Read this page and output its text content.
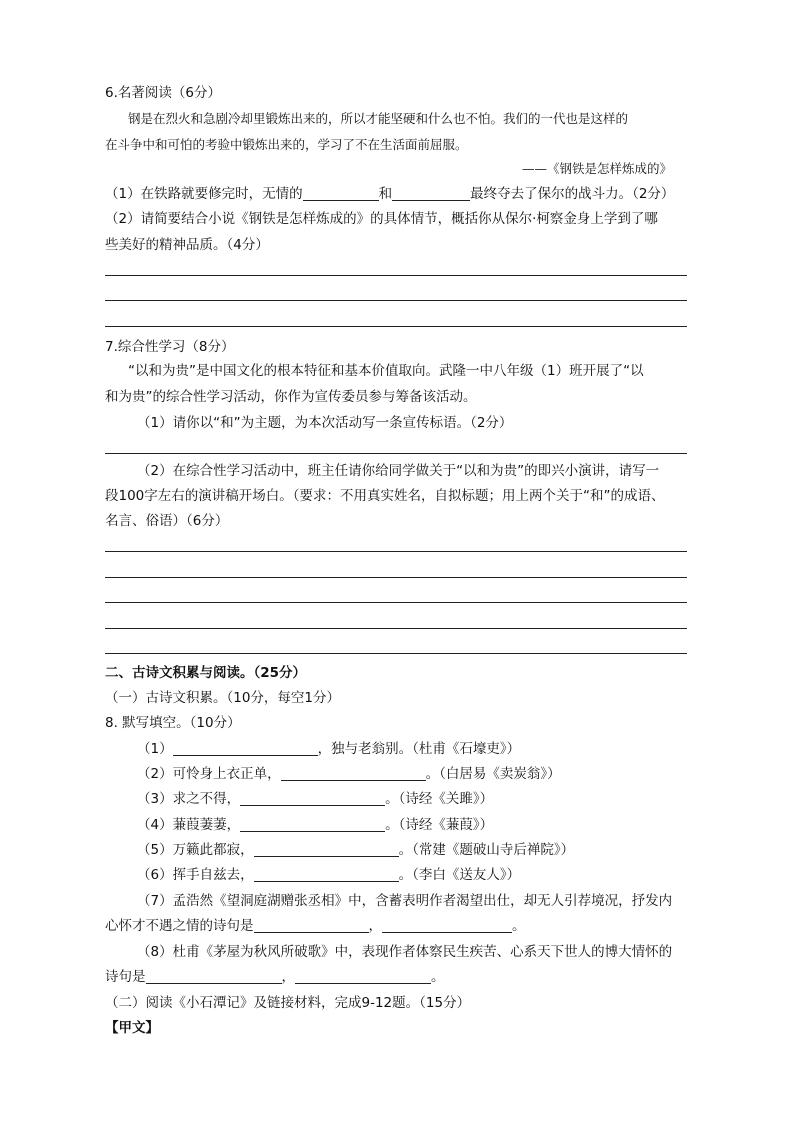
6.名著阅读（6分）
钢是在烈火和急剧冷却里锻炼出来的，所以才能坚硬和什么也不怕。我们的一代也是这样的
在斗争中和可怕的考验中锻炼出来的，学习了不在生活面前屈服。
——《钢铁是怎样炼成的》
（1）在铁路就要修完时，无情的	和	最终夺去了保尔的战斗力。（2分）
（2）请简要结合小说《钢铁是怎样炼成的》的具体情节，概括你从保尔·柯察金身上学到了哪
些美好的精神品质。（4分）
7.综合性学习（8分）
“以和为贵”是中国文化的根本特征和基本价值取向。武隆一中八年级（1）班开展了“以
和为贵”的综合性学习活动，你作为宣传委员参与筹备该活动。
（1）请你以“和”为主题，为本次活动写一条宣传标语。（2分）
（2）在综合性学习活动中，班主任请你给同学做关于“以和为贵”的即兴小演讲，请写一
段100字左右的演讲稿开场白。（要求：不用真实姓名，自拟标题；用上两个关于“和”的成语、
名言、俗语）（6分）
二、古诗文积累与阅读。（25分）
（一）古诗文积累。（10分，每空1分）
8. 默写填空。（10分）
（1）	，独与老翁别。（杜甫《石壕吏》）
（2）可怜身上衣正单，	。（白居易《卖炭翁》）
（3）求之不得，	。（诗经《关雎》）
（4）蒹葭萋萋，	。（诗经《蒹葭》）
（5）万籁此都寂，	。（常建《题破山寺后禅院》）
（6）挥手自兹去，	。（李白《送友人》）
（7）孟浩然《望洞庭湖赠张丞相》中，含蓄表明作者渴望出仕，却无人引荐境况，抒发内
心怀才不遇之情的诗句是	，	。
（8）杜甫《茅屋为秋风所破歌》中，表现作者体察民生疾苦、心系天下世人的博大情怀的
诗句是	，	。
（二）阅读《小石潭记》及链接材料，完成9-12题。（15分）
【甲文】
